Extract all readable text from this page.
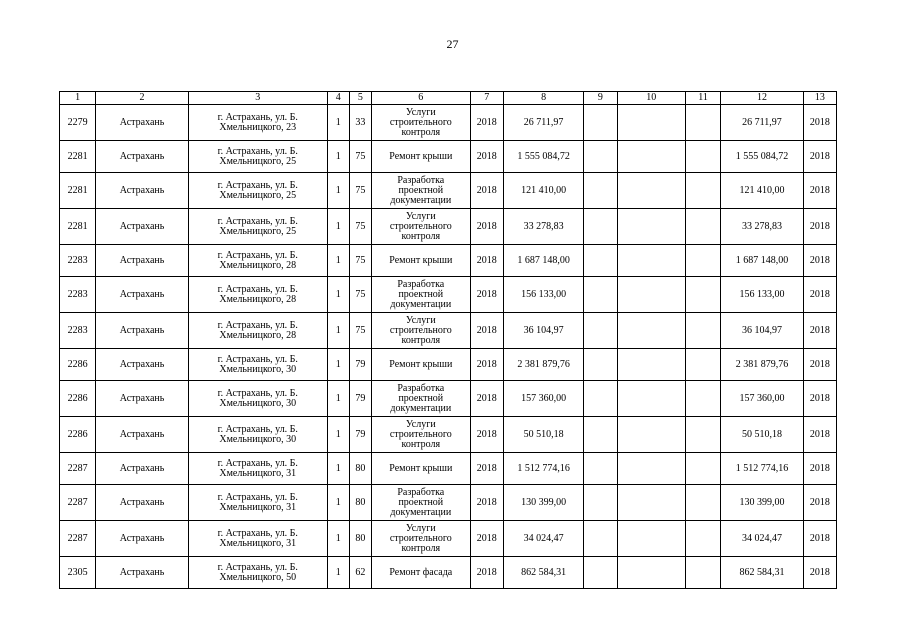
27
1	2	3	4	5	6	7	8	9	10	11	12	13
2279	Астрахань	г. Астрахань, ул. Б. Хмельницкого, 23	1	33	Услуги строительного контроля	2018	26 711,97				26 711,97	2018
2281	Астрахань	г. Астрахань, ул. Б. Хмельницкого, 25	1	75	Ремонт крыши	2018	1 555 084,72				1 555 084,72	2018
2281	Астрахань	г. Астрахань, ул. Б. Хмельницкого, 25	1	75	Разработка проектной документации	2018	121 410,00				121 410,00	2018
2281	Астрахань	г. Астрахань, ул. Б. Хмельницкого, 25	1	75	Услуги строительного контроля	2018	33 278,83				33 278,83	2018
2283	Астрахань	г. Астрахань, ул. Б. Хмельницкого, 28	1	75	Ремонт крыши	2018	1 687 148,00				1 687 148,00	2018
2283	Астрахань	г. Астрахань, ул. Б. Хмельницкого, 28	1	75	Разработка проектной документации	2018	156 133,00				156 133,00	2018
2283	Астрахань	г. Астрахань, ул. Б. Хмельницкого, 28	1	75	Услуги строительного контроля	2018	36 104,97				36 104,97	2018
2286	Астрахань	г. Астрахань, ул. Б. Хмельницкого, 30	1	79	Ремонт крыши	2018	2 381 879,76				2 381 879,76	2018
2286	Астрахань	г. Астрахань, ул. Б. Хмельницкого, 30	1	79	Разработка проектной документации	2018	157 360,00				157 360,00	2018
2286	Астрахань	г. Астрахань, ул. Б. Хмельницкого, 30	1	79	Услуги строительного контроля	2018	50 510,18				50 510,18	2018
2287	Астрахань	г. Астрахань, ул. Б. Хмельницкого, 31	1	80	Ремонт крыши	2018	1 512 774,16				1 512 774,16	2018
2287	Астрахань	г. Астрахань, ул. Б. Хмельницкого, 31	1	80	Разработка проектной документации	2018	130 399,00				130 399,00	2018
2287	Астрахань	г. Астрахань, ул. Б. Хмельницкого, 31	1	80	Услуги строительного контроля	2018	34 024,47				34 024,47	2018
2305	Астрахань	г. Астрахань, ул. Б. Хмельницкого, 50	1	62	Ремонт фасада	2018	862 584,31				862 584,31	2018
